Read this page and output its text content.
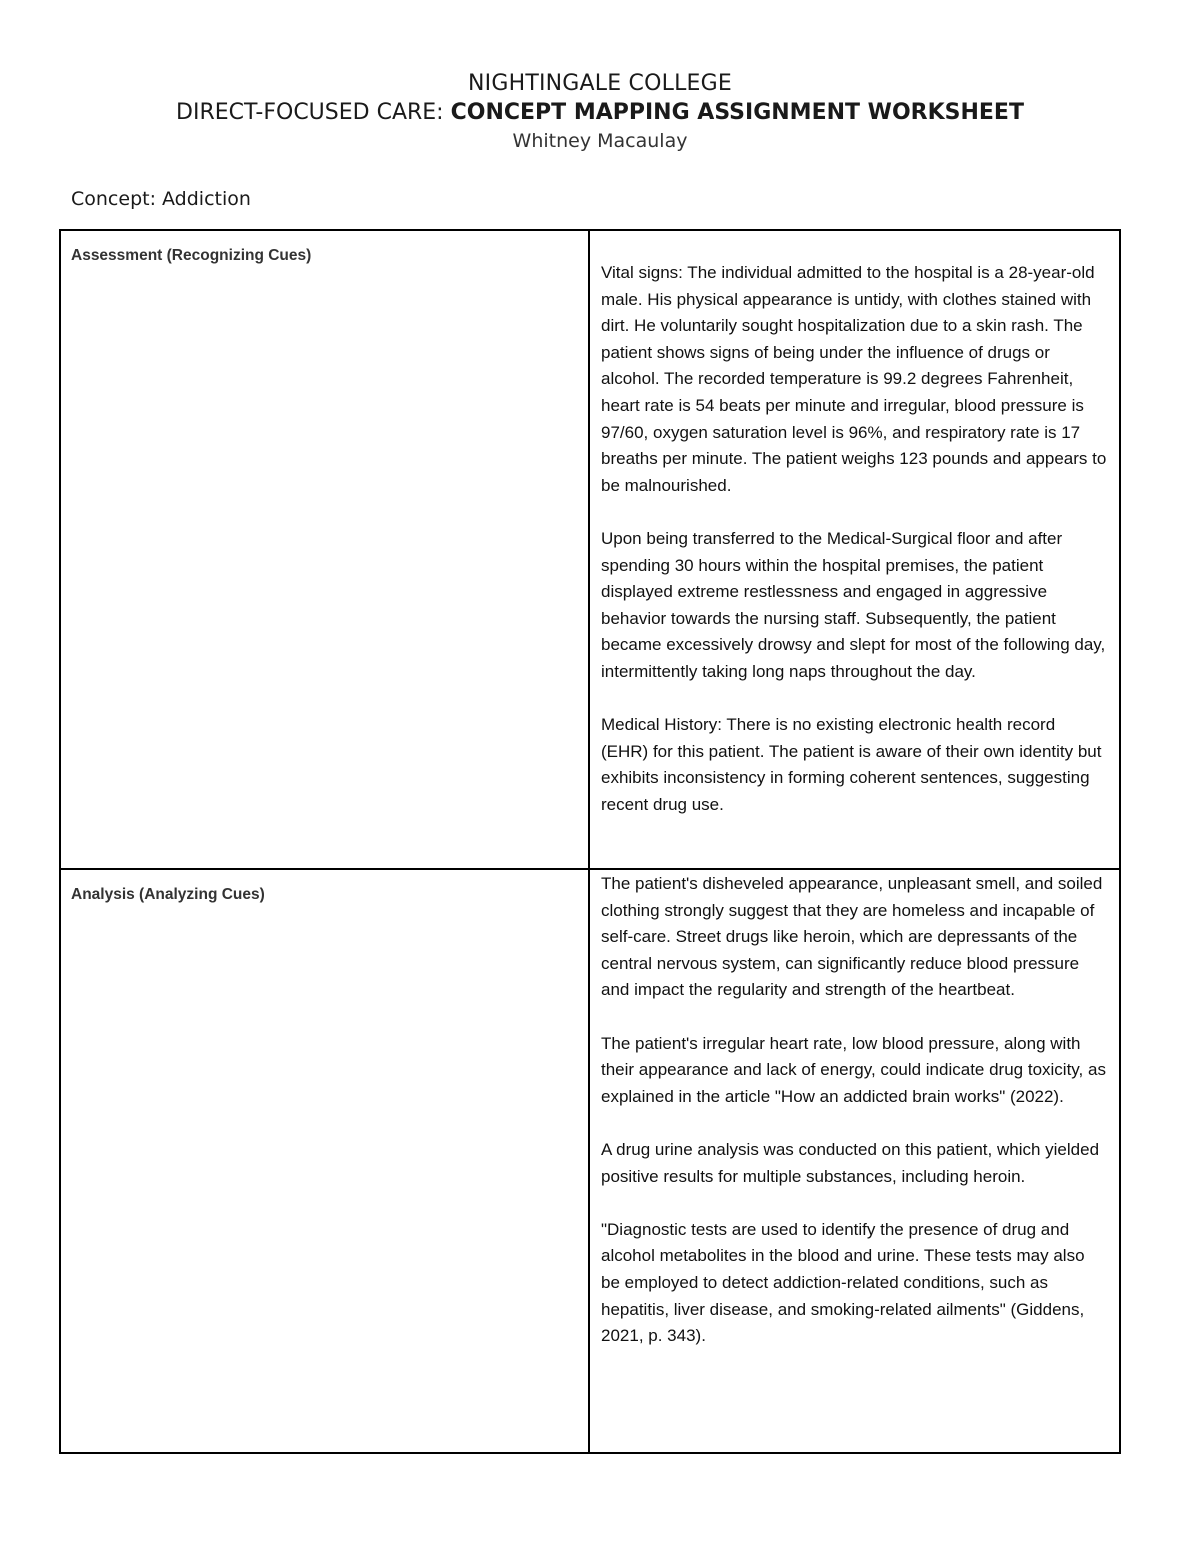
NIGHTINGALE COLLEGE
DIRECT-FOCUSED CARE: CONCEPT MAPPING ASSIGNMENT WORKSHEET
Whitney Macaulay
Concept: Addiction
Assessment (Recognizing Cues)

Vital signs: The individual admitted to the hospital is a 28-year-old male. His physical appearance is untidy, with clothes stained with dirt. He voluntarily sought hospitalization due to a skin rash. The patient shows signs of being under the influence of drugs or alcohol. The recorded temperature is 99.2 degrees Fahrenheit, heart rate is 54 beats per minute and irregular, blood pressure is 97/60, oxygen saturation level is 96%, and respiratory rate is 17 breaths per minute. The patient weighs 123 pounds and appears to be malnourished.

Upon being transferred to the Medical-Surgical floor and after spending 30 hours within the hospital premises, the patient displayed extreme restlessness and engaged in aggressive behavior towards the nursing staff. Subsequently, the patient became excessively drowsy and slept for most of the following day, intermittently taking long naps throughout the day.

Medical History: There is no existing electronic health record (EHR) for this patient. The patient is aware of their own identity but exhibits inconsistency in forming coherent sentences, suggesting recent drug use.

Analysis (Analyzing Cues)

The patient's disheveled appearance, unpleasant smell, and soiled clothing strongly suggest that they are homeless and incapable of self-care. Street drugs like heroin, which are depressants of the central nervous system, can significantly reduce blood pressure and impact the regularity and strength of the heartbeat.

The patient's irregular heart rate, low blood pressure, along with their appearance and lack of energy, could indicate drug toxicity, as explained in the article "How an addicted brain works" (2022).

A drug urine analysis was conducted on this patient, which yielded positive results for multiple substances, including heroin.

"Diagnostic tests are used to identify the presence of drug and alcohol metabolites in the blood and urine. These tests may also be employed to detect addiction-related conditions, such as hepatitis, liver disease, and smoking-related ailments" (Giddens, 2021, p. 343).
